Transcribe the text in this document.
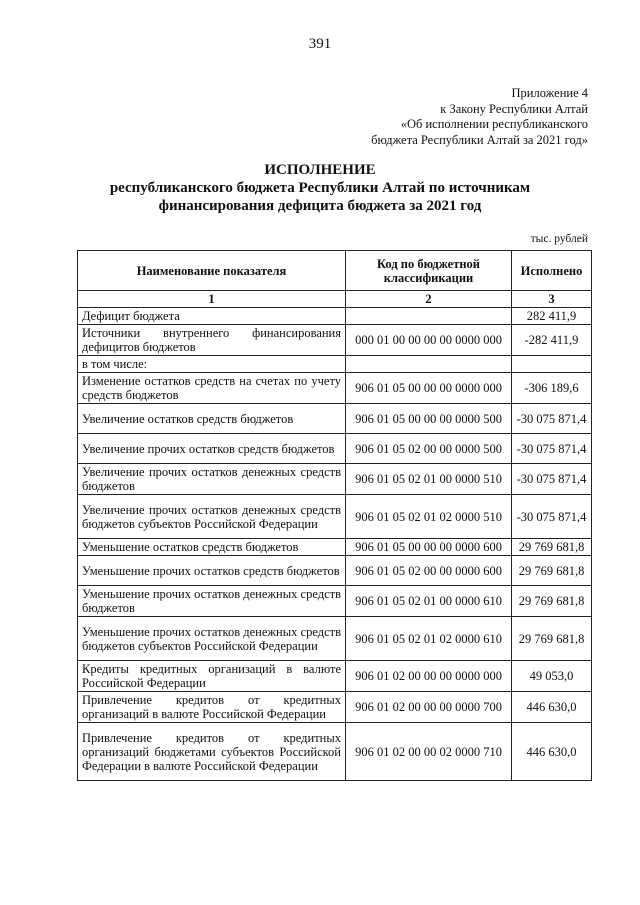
391
Приложение 4
к Закону Республики Алтай
«Об исполнении республиканского
бюджета Республики Алтай за 2021 год»
ИСПОЛНЕНИЕ
республиканского бюджета Республики Алтай по источникам
финансирования дефицита бюджета за 2021 год
тыс. рублей
Наименование показателя	Код по бюджетной классификации	Исполнено
1	2	3
Дефицит бюджета		282 411,9
Источники внутреннего финансирования дефицитов бюджетов	000 01 00 00 00 00 0000 000	-282 411,9
в том числе:		
Изменение остатков средств на счетах по учету средств бюджетов	906 01 05 00 00 00 0000 000	-306 189,6
Увеличение остатков средств бюджетов	906 01 05 00 00 00 0000 500	-30 075 871,4
Увеличение прочих остатков средств бюджетов	906 01 05 02 00 00 0000 500	-30 075 871,4
Увеличение прочих остатков денежных средств бюджетов	906 01 05 02 01 00 0000 510	-30 075 871,4
Увеличение прочих остатков денежных средств бюджетов субъектов Российской Федерации	906 01 05 02 01 02 0000 510	-30 075 871,4
Уменьшение остатков средств бюджетов	906 01 05 00 00 00 0000 600	29 769 681,8
Уменьшение прочих остатков средств бюджетов	906 01 05 02 00 00 0000 600	29 769 681,8
Уменьшение прочих остатков денежных средств бюджетов	906 01 05 02 01 00 0000 610	29 769 681,8
Уменьшение прочих остатков денежных средств бюджетов субъектов Российской Федерации	906 01 05 02 01 02 0000 610	29 769 681,8
Кредиты кредитных организаций в валюте Российской Федерации	906 01 02 00 00 00 0000 000	49 053,0
Привлечение кредитов от кредитных организаций в валюте Российской Федерации	906 01 02 00 00 00 0000 700	446 630,0
Привлечение кредитов от кредитных организаций бюджетами субъектов Российской Федерации в валюте Российской Федерации	906 01 02 00 00 02 0000 710	446 630,0
